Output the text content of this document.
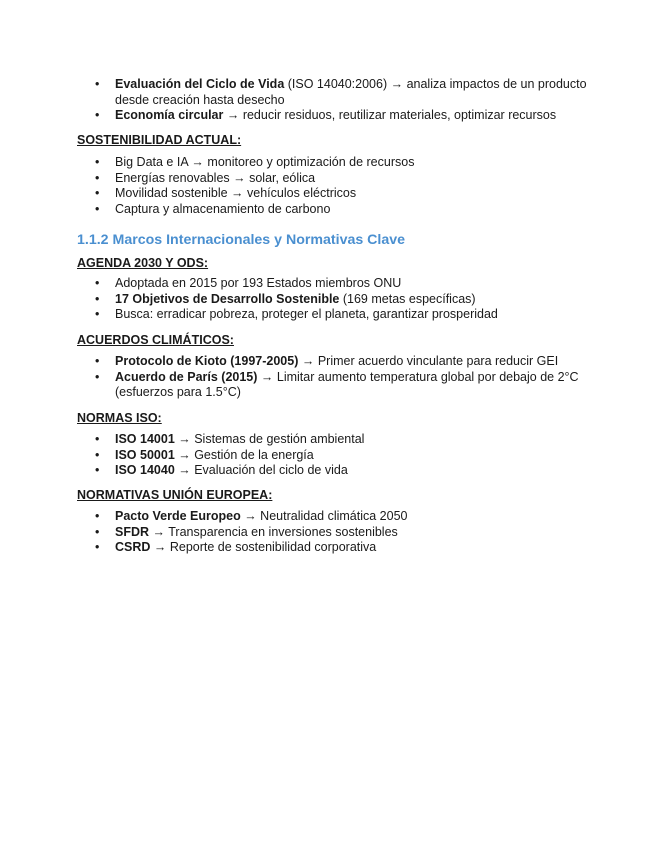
• Evaluación del Ciclo de Vida (ISO 14040:2006) → analiza impactos de un producto desde creación hasta desecho
• Economía circular → reducir residuos, reutilizar materiales, optimizar recursos
SOSTENIBILIDAD ACTUAL:
• Big Data e IA → monitoreo y optimización de recursos
• Energías renovables → solar, eólica
• Movilidad sostenible → vehículos eléctricos
• Captura y almacenamiento de carbono
1.1.2 Marcos Internacionales y Normativas Clave
AGENDA 2030 Y ODS:
• Adoptada en 2015 por 193 Estados miembros ONU
• 17 Objetivos de Desarrollo Sostenible (169 metas específicas)
• Busca: erradicar pobreza, proteger el planeta, garantizar prosperidad
ACUERDOS CLIMÁTICOS:
• Protocolo de Kioto (1997-2005) → Primer acuerdo vinculante para reducir GEI
• Acuerdo de París (2015) → Limitar aumento temperatura global por debajo de 2°C (esfuerzos para 1.5°C)
NORMAS ISO:
• ISO 14001 → Sistemas de gestión ambiental
• ISO 50001 → Gestión de la energía
• ISO 14040 → Evaluación del ciclo de vida
NORMATIVAS UNIÓN EUROPEA:
• Pacto Verde Europeo → Neutralidad climática 2050
• SFDR → Transparencia en inversiones sostenibles
• CSRD → Reporte de sostenibilidad corporativa
